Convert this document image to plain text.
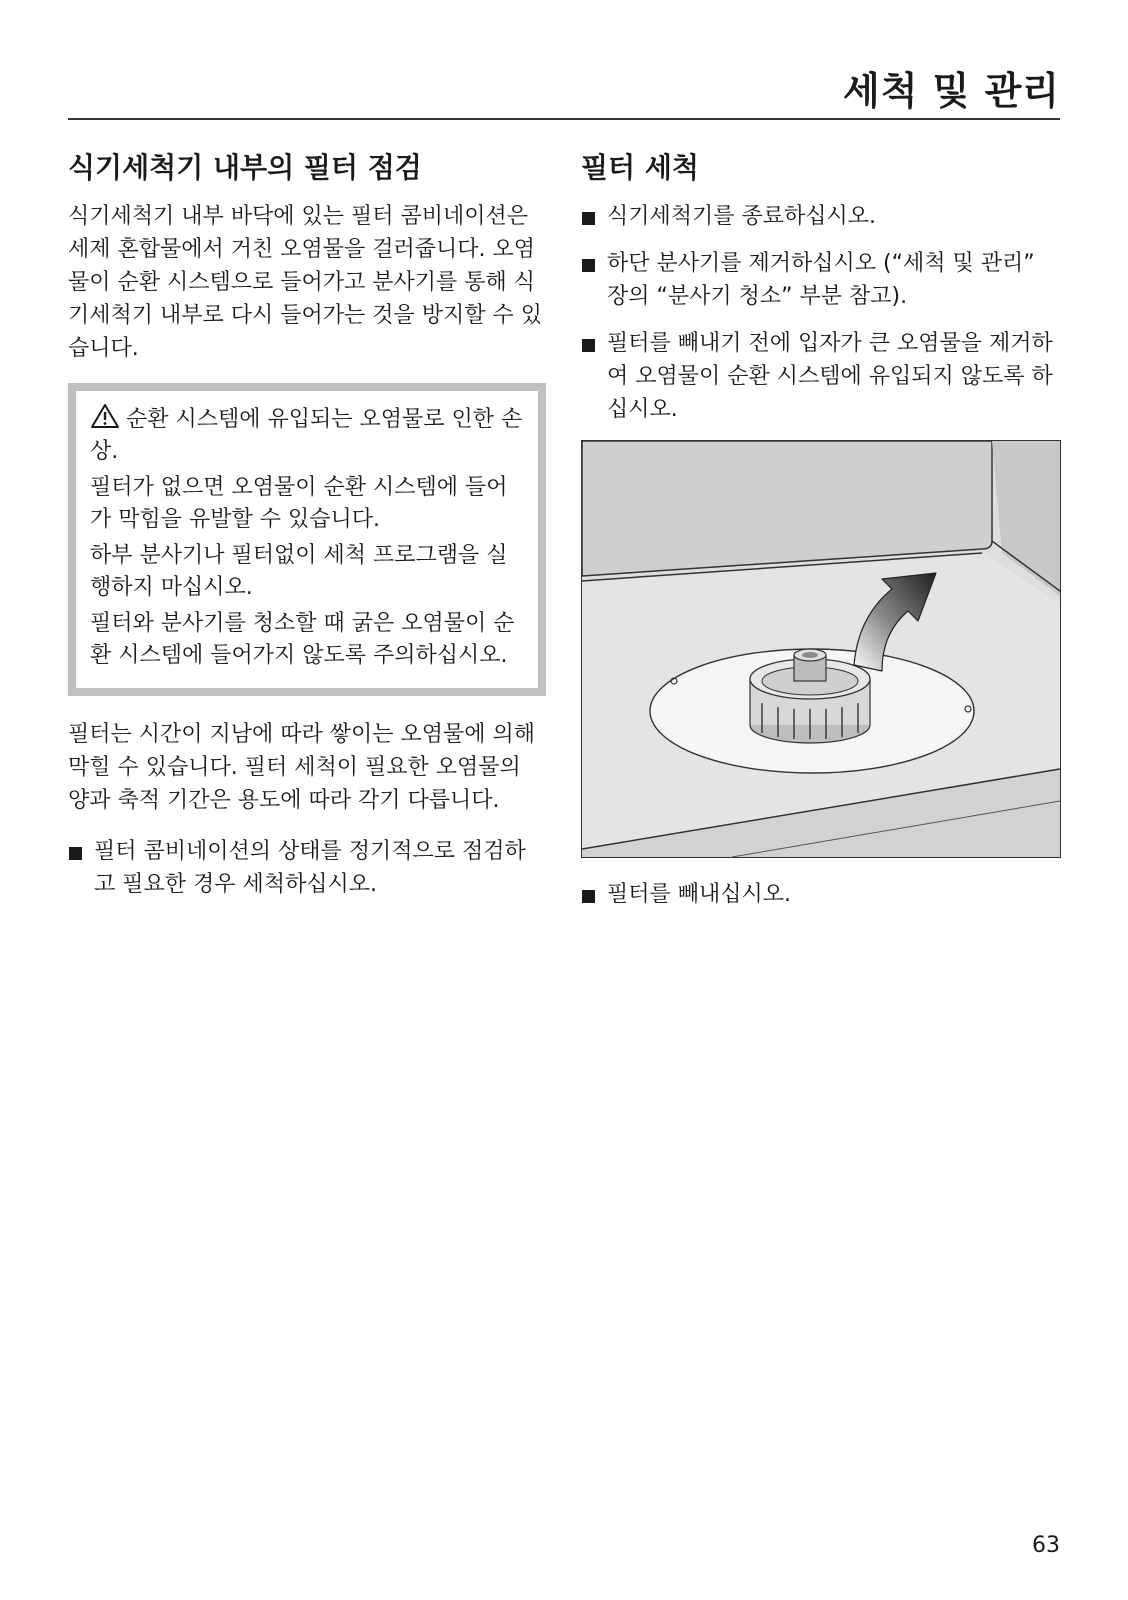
세척 및 관리
식기세척기 내부의 필터 점검

식기세척기 내부 바닥에 있는 필터 콤비네이션은 세제 혼합물에서 거친 오염물을 걸러줍니다. 오염물이 순환 시스템으로 들어가고 분사기를 통해 식기세척기 내부로 다시 들어가는 것을 방지할 수 있습니다.

순환 시스템에 유입되는 오염물로 인한 손상.

필터가 없으면 오염물이 순환 시스템에 들어가 막힘을 유발할 수 있습니다.

하부 분사기나 필터없이 세척 프로그램을 실행하지 마십시오.

필터와 분사기를 청소할 때 굵은 오염물이 순환 시스템에 들어가지 않도록 주의하십시오.

필터는 시간이 지남에 따라 쌓이는 오염물에 의해 막힐 수 있습니다. 필터 세척이 필요한 오염물의 양과 축적 기간은 용도에 따라 각기 다릅니다.

필터 콤비네이션의 상태를 정기적으로 점검하고 필요한 경우 세척하십시오.
필터 세척
식기세척기를 종료하십시오.
하단 분사기를 제거하십시오 (“세척 및 관리” 장의 “분사기 청소” 부분 참고).
필터를 빼내기 전에 입자가 큰 오염물을 제거하여 오염물이 순환 시스템에 유입되지 않도록 하십시오.
필터를 빼내십시오.
63
